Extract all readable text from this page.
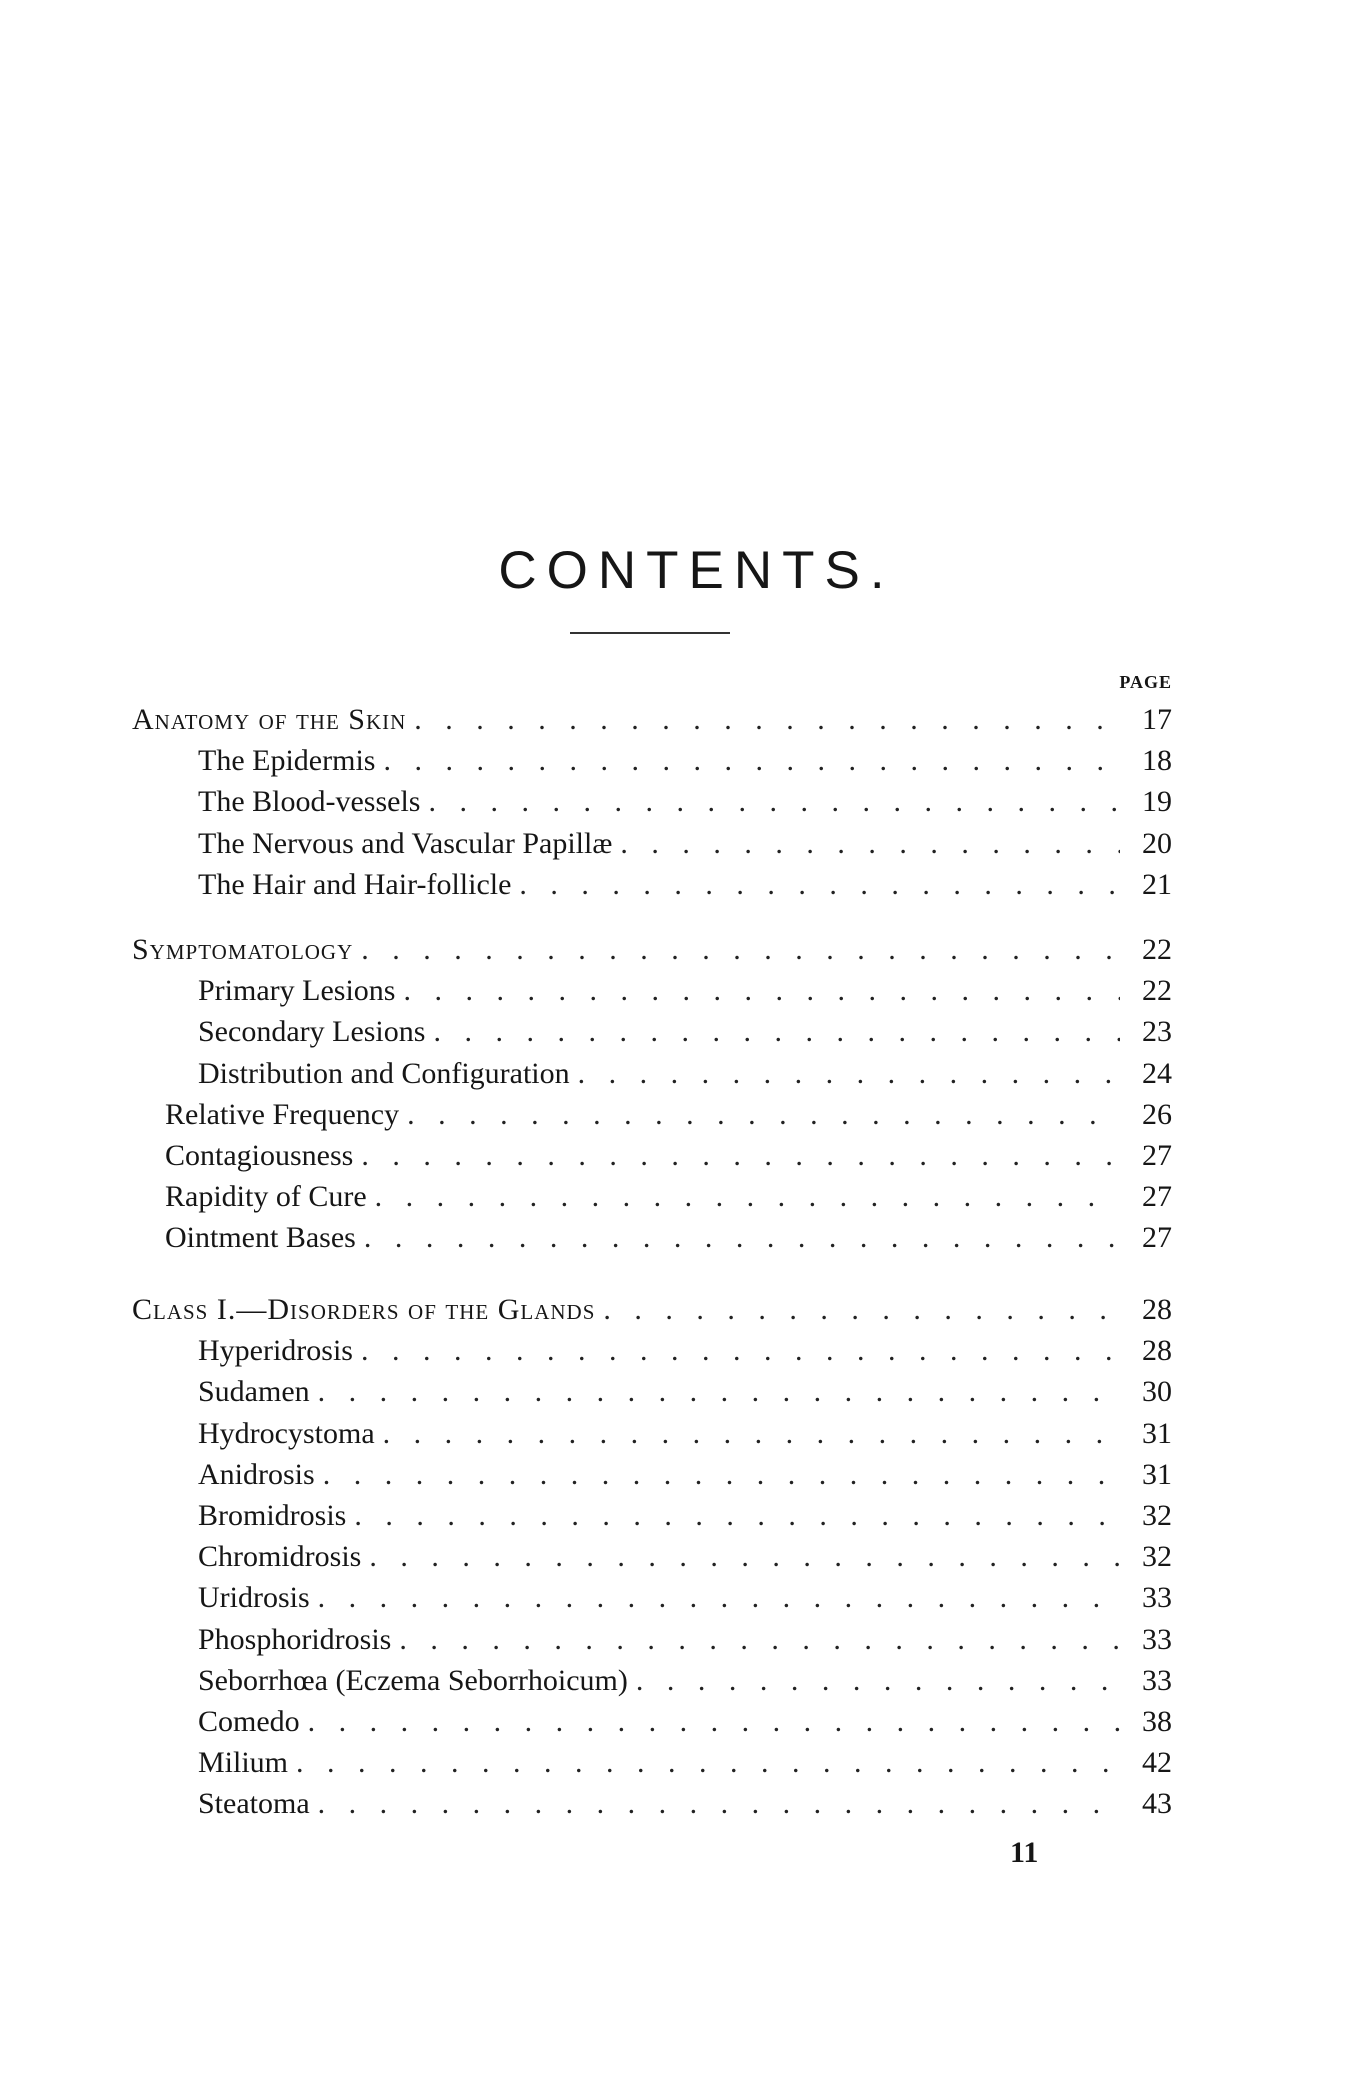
CONTENTS.
PAGE
Anatomy of the Skin . . .	17
The Epidermis . . .	18
The Blood-vessels . . .	19
The Nervous and Vascular Papillæ . . .	20
The Hair and Hair-follicle . . .	21
Symptomatology . . .	22
Primary Lesions . . .	22
Secondary Lesions . . .	23
Distribution and Configuration . . .	24
Relative Frequency . . .	26
Contagiousness . . .	27
Rapidity of Cure . . .	27
Ointment Bases . . .	27
Class I.—Disorders of the Glands . . .	28
Hyperidrosis . . .	28
Sudamen . . .	30
Hydrocystoma . . .	31
Anidrosis . . .	31
Bromidrosis . . .	32
Chromidrosis . . .	32
Uridrosis . . .	33
Phosphoridrosis . . .	33
Seborrhœa (Eczema Seborrhoicum) . . .	33
Comedo . . .	38
Milium . . .	42
Steatoma . . .	43
11
